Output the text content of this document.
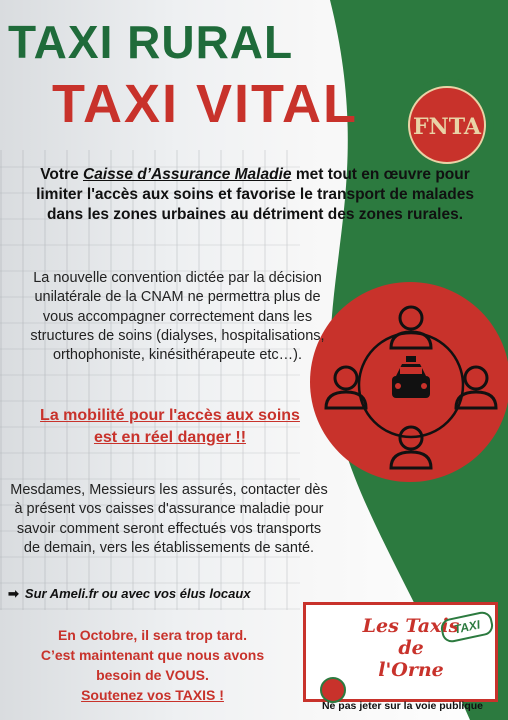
TAXI RURAL
TAXI VITAL	FNTA
Votre Caisse d’Assurance Maladie met tout en œuvre pour limiter l'accès aux soins et favorise le transport de malades dans les zones urbaines au détriment des zones rurales.
La nouvelle convention dictée par la décision unilatérale de la CNAM ne permettra plus de vous accompagner correctement dans les structures de soins (dialyses, hospitalisations, orthophoniste, kinésithérapeute etc…).
La mobilité pour l'accès aux soins
est en réel danger !!
Mesdames, Messieurs les assurés, contacter dès à présent vos caisses d'assurance maladie pour savoir comment seront effectués vos transports de demain, vers les établissements de santé.
➡ Sur Ameli.fr ou avec vos élus locaux
En Octobre, il sera trop tard.
C’est maintenant que nous avons
besoin de VOUS.
Soutenez vos TAXIS !
Les Taxis
de
l'Orne
TAXI
Ne pas jeter sur la voie publique
